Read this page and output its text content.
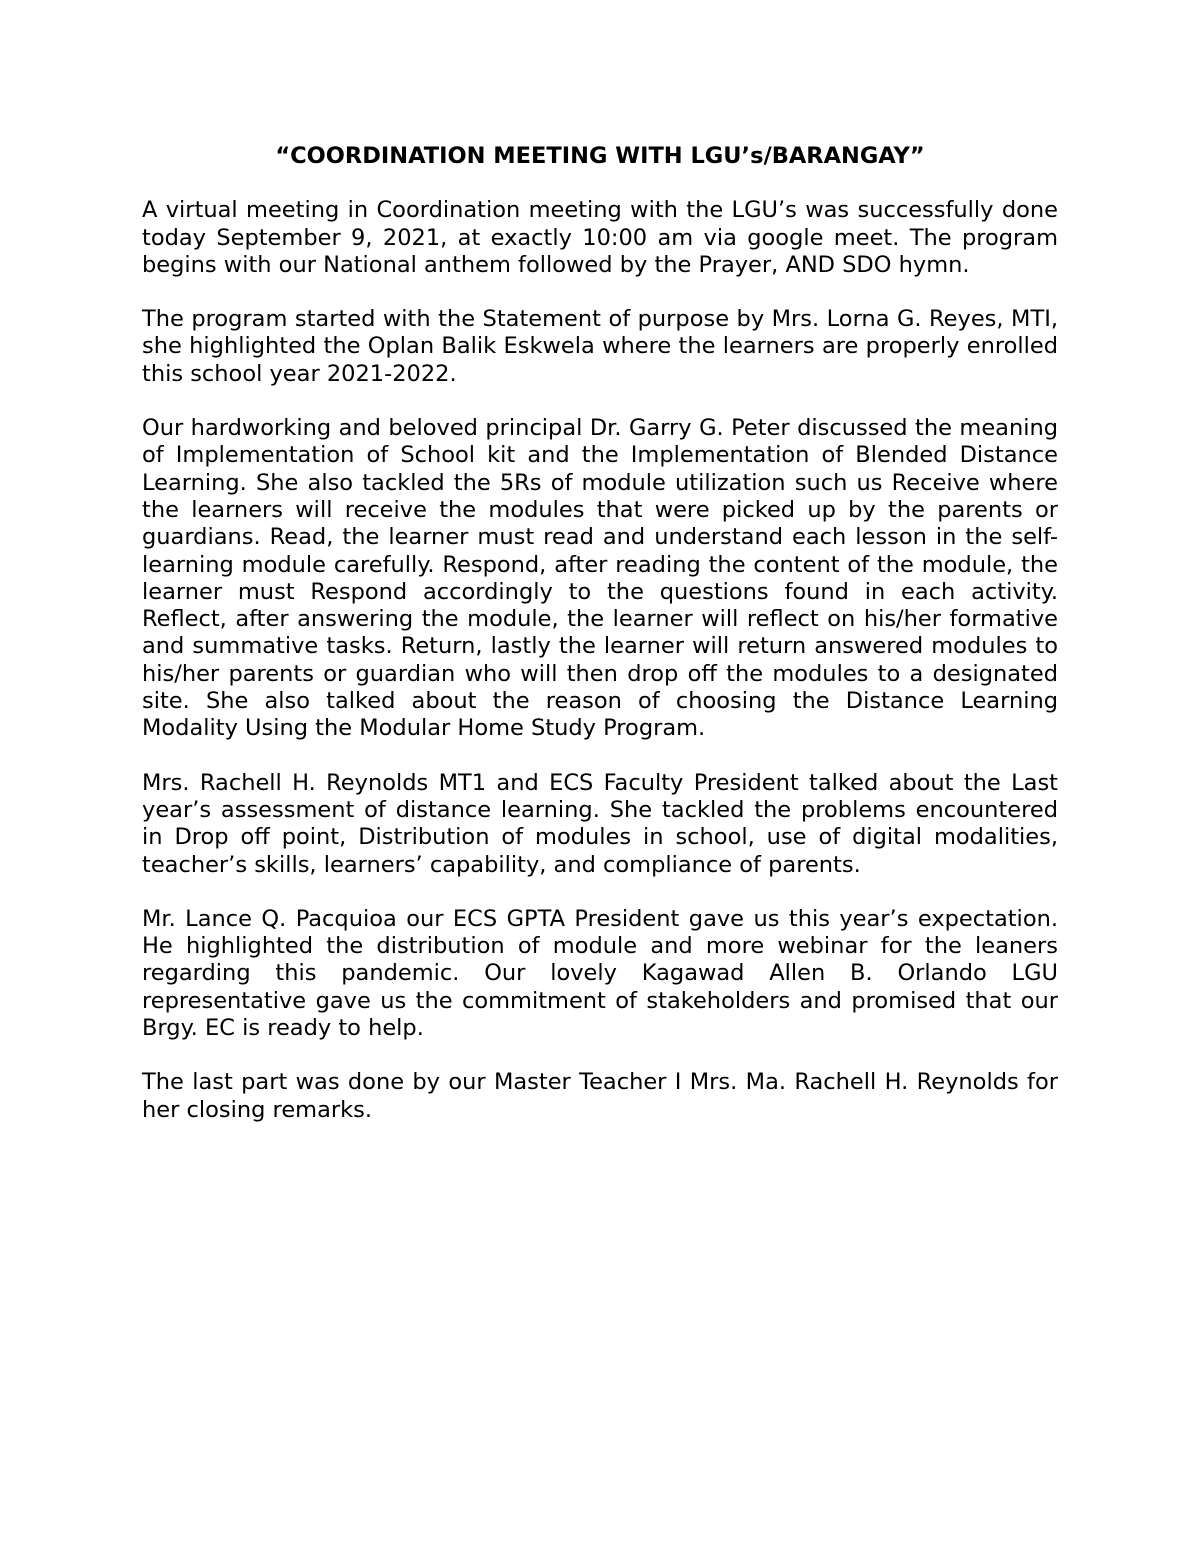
“COORDINATION MEETING WITH LGU’s/BARANGAY”

A virtual meeting in Coordination meeting with the LGU’s was successfully done today September 9, 2021, at exactly 10:00 am via google meet. The program begins with our National anthem followed by the Prayer, AND SDO hymn.

The program started with the Statement of purpose by Mrs. Lorna G. Reyes, MTI, she highlighted the Oplan Balik Eskwela where the learners are properly enrolled this school year 2021-2022.

Our hardworking and beloved principal Dr. Garry G. Peter discussed the meaning of Implementation of School kit and the Implementation of Blended Distance Learning. She also tackled the 5Rs of module utilization such us Receive where the learners will receive the modules that were picked up by the parents or guardians. Read, the learner must read and understand each lesson in the self-learning module carefully. Respond, after reading the content of the module, the learner must Respond accordingly to the questions found in each activity. Reflect, after answering the module, the learner will reflect on his/her formative and summative tasks. Return, lastly the learner will return answered modules to his/her parents or guardian who will then drop off the modules to a designated site. She also talked about the reason of choosing the Distance Learning Modality Using the Modular Home Study Program.

Mrs. Rachell H. Reynolds MT1 and ECS Faculty President talked about the Last year’s assessment of distance learning. She tackled the problems encountered in Drop off point, Distribution of modules in school, use of digital modalities, teacher’s skills, learners’ capability, and compliance of parents.

Mr. Lance Q. Pacquioa our ECS GPTA President gave us this year’s expectation. He highlighted the distribution of module and more webinar for the leaners regarding this pandemic. Our lovely Kagawad Allen B. Orlando LGU representative gave us the commitment of stakeholders and promised that our Brgy. EC is ready to help.

The last part was done by our Master Teacher I Mrs. Ma. Rachell H. Reynolds for her closing remarks.
